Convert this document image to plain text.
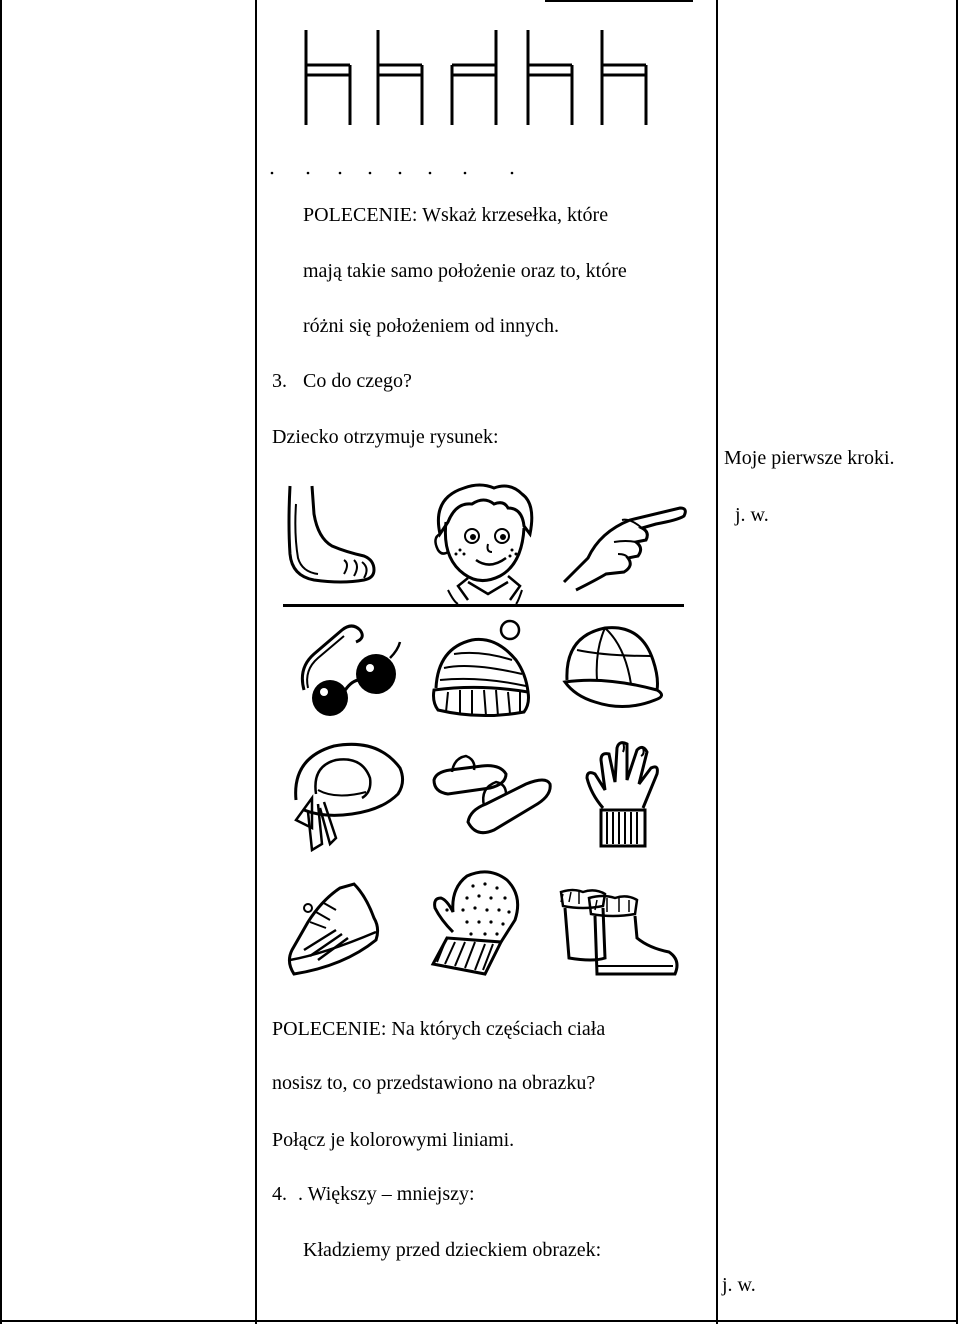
POLECENIE: Wskaż krzesełka, które
mają takie samo położenie oraz to, które
różni się położeniem od innych.
3. Co do czego?
Dziecko otrzymuje rysunek:
Moje pierwsze kroki.
j. w.
POLECENIE: Na których częściach ciała
nosisz to, co przedstawiono na obrazku?
Połącz je kolorowymi liniami.
4. . Większy – mniejszy:
Kładziemy przed dzieckiem obrazek:
j. w.
